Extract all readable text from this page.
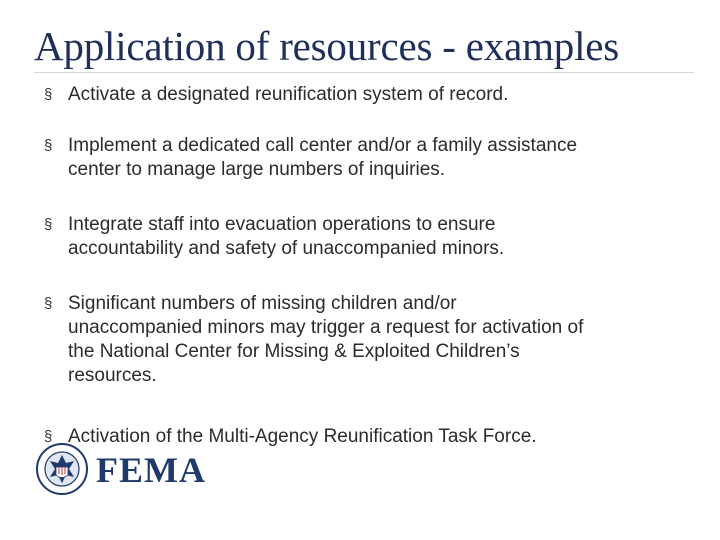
Application of resources - examples
§ Activate a designated reunification system of record.
§ Implement a dedicated call center and/or a family assistance
center to manage large numbers of inquiries.
§ Integrate staff into evacuation operations to ensure
accountability and safety of unaccompanied minors.
§ Significant numbers of missing children and/or
unaccompanied minors may trigger a request for activation of
the National Center for Missing & Exploited Children’s
resources.
§ Activation of the Multi-Agency Reunification Task Force.
FEMA
